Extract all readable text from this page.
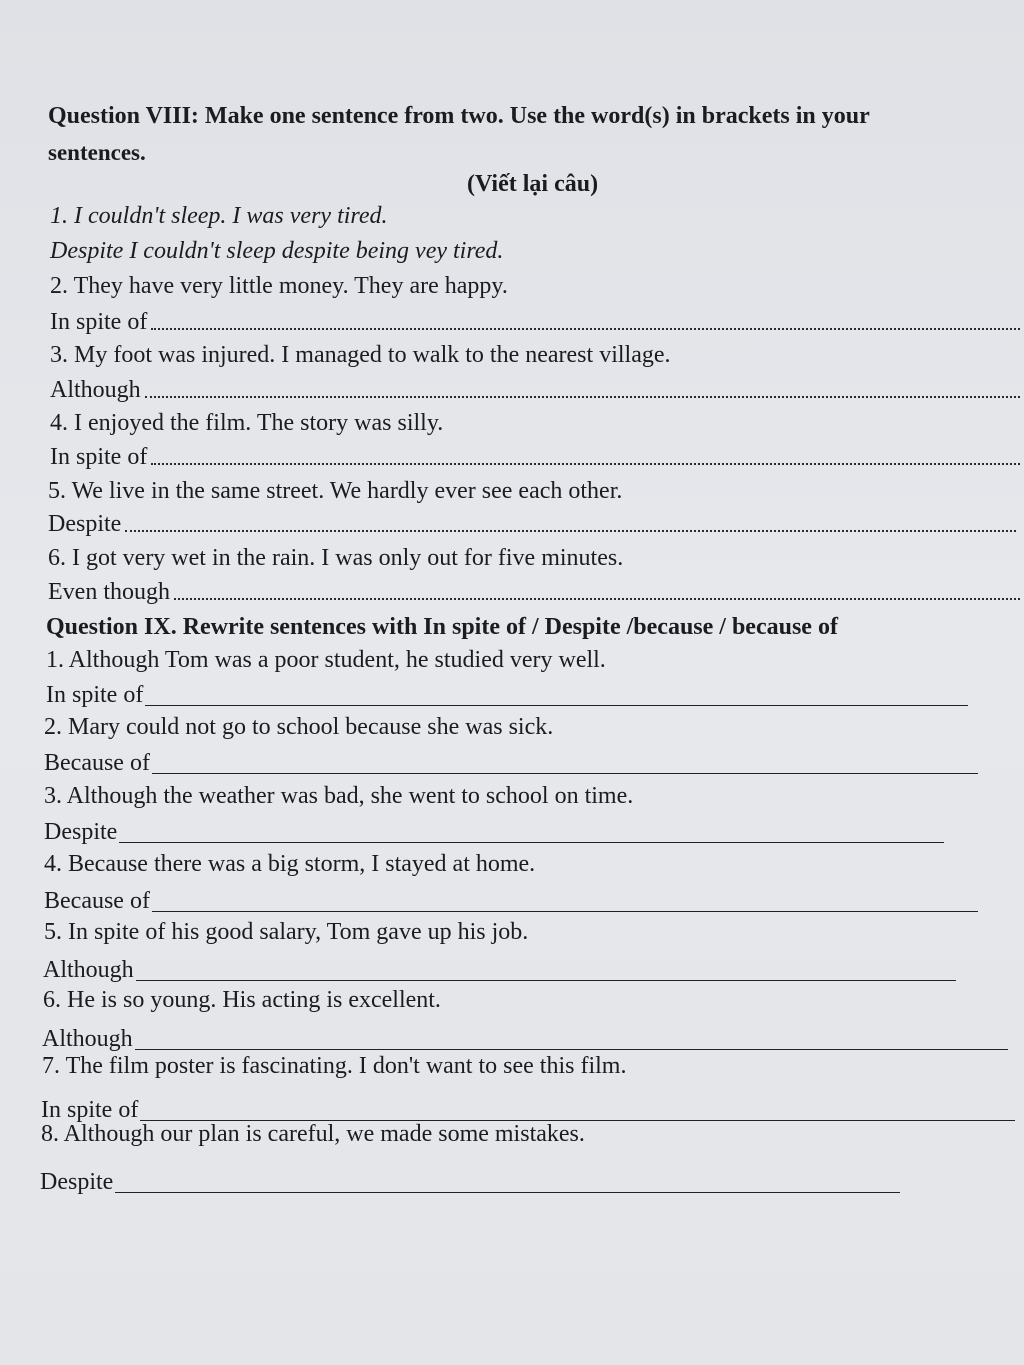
Question VIII: Make one sentence from two. Use the word(s) in brackets in your
sentences.
(Viết lại câu)
1. I couldn't sleep. I was very tired.
Despite I couldn't sleep despite being vey tired.
2. They have very little money. They are happy.
In spite of
3. My foot was injured. I managed to walk to the nearest village.
Although
4. I enjoyed the film. The story was silly.
In spite of
5. We live in the same street. We hardly ever see each other.
Despite
6. I got very wet in the rain. I was only out for five minutes.
Even though
Question IX. Rewrite sentences with In spite of / Despite /because / because of
1. Although Tom was a poor student, he studied very well.
In spite of
2. Mary could not go to school because she was sick.
Because of
3. Although the weather was bad, she went to school on time.
Despite
4. Because there was a big storm, I stayed at home.
Because of
5. In spite of his good salary, Tom gave up his job.
Although
6. He is so young. His acting is excellent.
Although
7. The film poster is fascinating. I don't want to see this film.
In spite of
8. Although our plan is careful, we made some mistakes.
Despite
